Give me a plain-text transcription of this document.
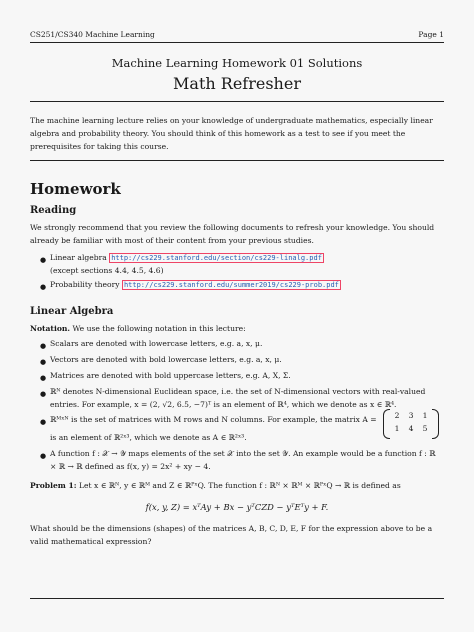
CS251/CS340 Machine Learning	Page 1
Machine Learning Homework 01 Solutions
Math Refresher
The machine learning lecture relies on your knowledge of undergraduate mathematics, especially linear algebra and probability theory. You should think of this homework as a test to see if you meet the prerequisites for taking this course.
Homework
Reading
We strongly recommend that you review the following documents to refresh your knowledge. You should already be familiar with most of their content from your previous studies.
● Linear algebra http://cs229.stanford.edu/section/cs229-linalg.pdf
(except sections 4.4, 4.5, 4.6)
● Probability theory http://cs229.stanford.edu/summer2019/cs229-prob.pdf
Linear Algebra
Notation. We use the following notation in this lecture:
● Scalars are denoted with lowercase letters, e.g. a, x, μ.
● Vectors are denoted with bold lowercase letters, e.g. a, x, μ.
● Matrices are denoted with bold uppercase letters, e.g. A, X, Σ.
● ℝᴺ denotes N-dimensional Euclidean space, i.e. the set of N-dimensional vectors with real-valued entries. For example, x = (2, √2, 6.5, −7)ᵀ is an element of ℝ⁴, which we denote as x ∈ ℝ⁴.
● ℝᴹˣᴺ is the set of matrices with M rows and N columns. For example, the matrix A =	2	3	1
1	4	5
is an element of ℝ²ˣ³, which we denote as A ∈ ℝ²ˣ³.
● A function f : 𝒳 → 𝒴 maps elements of the set 𝒳 into the set 𝒴. An example would be a function f : ℝ × ℝ → ℝ defined as f(x, y) = 2x² + xy − 4.
Problem 1: Let x ∈ ℝᴺ, y ∈ ℝᴹ and Z ∈ ℝᴾˣQ. The function f : ℝᴺ × ℝᴹ × ℝᴾˣQ → ℝ is defined as
f(x, y, Z) = xᵀAy + Bx − yᵀCZD − yᵀEᵀy + F.
What should be the dimensions (shapes) of the matrices A, B, C, D, E, F for the expression above to be a valid mathematical expression?
